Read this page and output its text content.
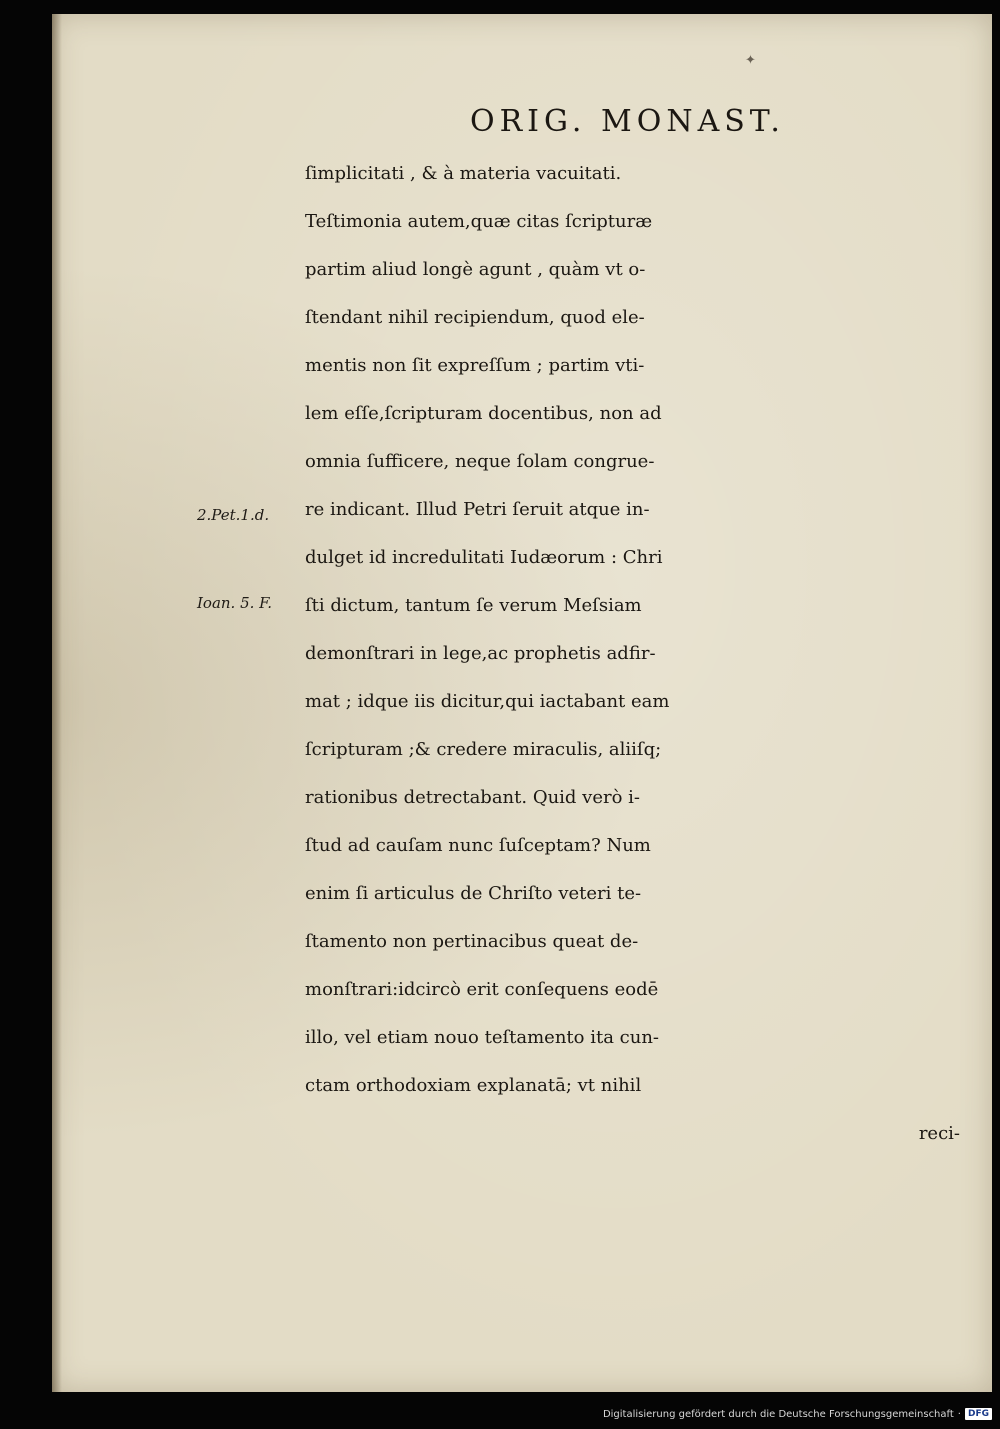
✦
ORIG. MONAST.
2.Pet.1.d.
Ioan. 5. F.
ſimplicitati , & à materia vacuitati.
Teſtimonia autem,quæ citas ſcripturæ
partim aliud longè agunt , quàm vt o-
ſtendant nihil recipiendum, quod ele-
mentis non ſit expreſſum ; partim vti-
lem eſſe,ſcripturam docentibus, non ad
omnia ſufficere, neque ſolam congrue-
re indicant. Illud Petri ſeruit atque in-
dulget id incredulitati Iudæorum : Chri
ſti dictum, tantum ſe verum Meſsiam
demonſtrari in lege,ac prophetis adfir-
mat ; idque iis dicitur,qui iactabant eam
ſcripturam ;& credere miraculis, aliiſq;
rationibus detrectabant. Quid verò i-
ſtud ad cauſam nunc ſuſceptam? Num
enim ſi articulus de Chriſto veteri te-
ſtamento non pertinacibus queat de-
monſtrari:idcircò erit conſequens eodē
illo, vel etiam nouo teſtamento ita cun-
ctam orthodoxiam explanatā; vt nihil
reci-
Digitalisierung gefördert durch die Deutsche Forschungsgemeinschaft · DFG
